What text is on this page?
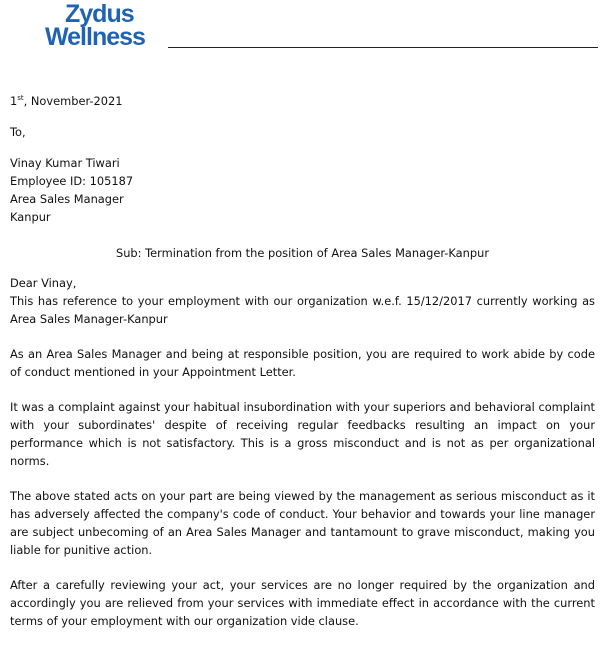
Zydus
Wellness

1st, November-2021

To,

Vinay Kumar Tiwari

Employee ID: 105187

Area Sales Manager

Kanpur

Sub: Termination from the position of Area Sales Manager-Kanpur

Dear Vinay,

This has reference to your employment with our organization w.e.f. 15/12/2017 currently working as Area Sales Manager-Kanpur

As an Area Sales Manager and being at responsible position, you are required to work abide by code of conduct mentioned in your Appointment Letter.

It was a complaint against your habitual insubordination with your superiors and behavioral complaint with your subordinates' despite of receiving regular feedbacks resulting an impact on your performance which is not satisfactory. This is a gross misconduct and is not as per organizational norms.

The above stated acts on your part are being viewed by the management as serious misconduct as it has adversely affected the company's code of conduct. Your behavior and towards your line manager are subject unbecoming of an Area Sales Manager and tantamount to grave misconduct, making you liable for punitive action.

After a carefully reviewing your act, your services are no longer required by the organization and accordingly you are relieved from your services with immediate effect in accordance with the current terms of your employment with our organization vide clause.
